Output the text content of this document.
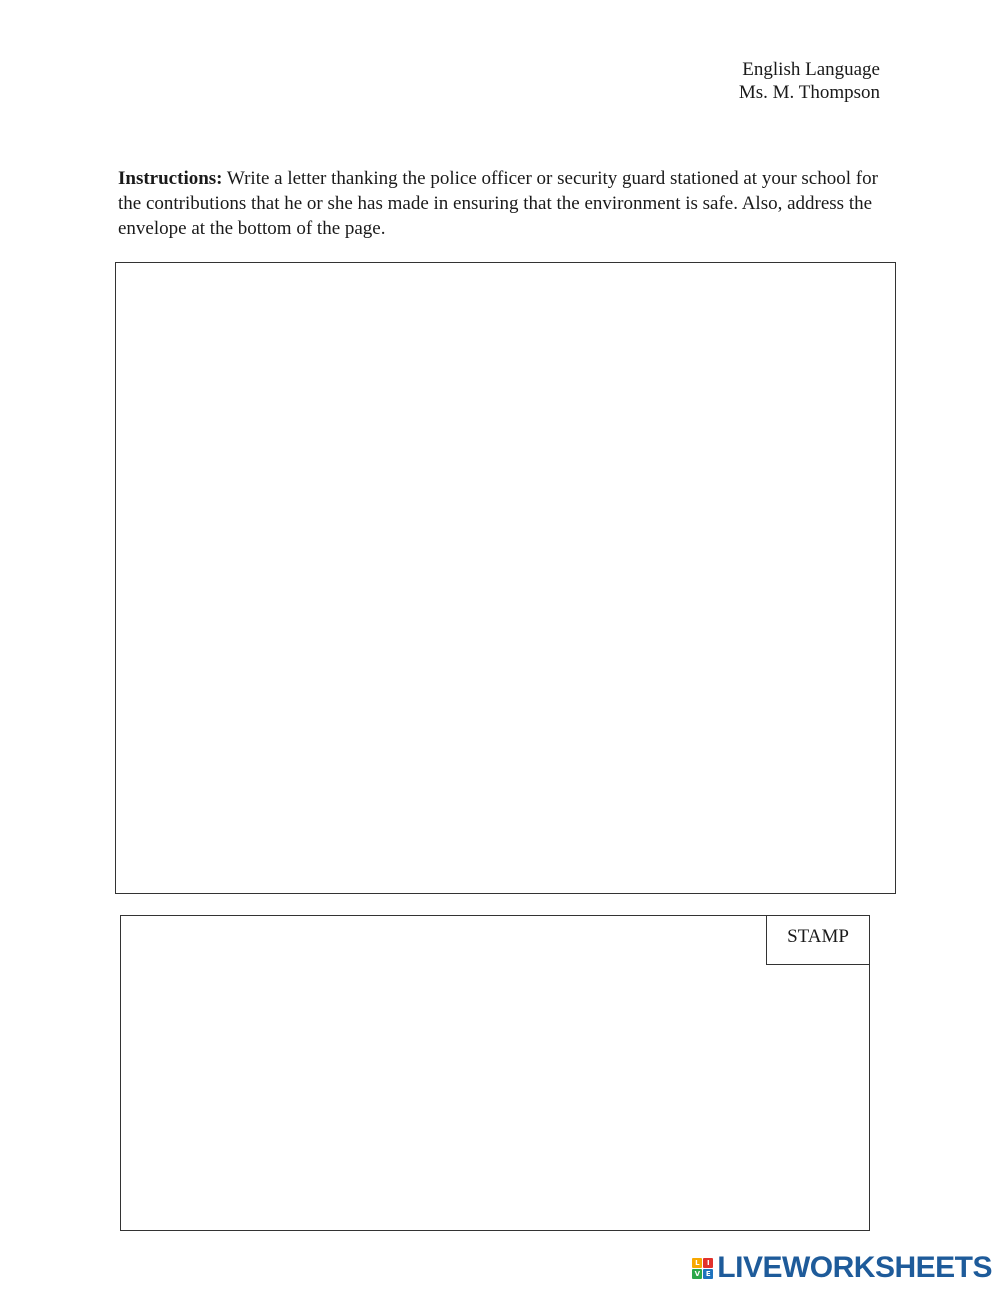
English Language
Ms. M. Thompson
Instructions: Write a letter thanking the police officer or security guard stationed at your school for the contributions that he or she has made in ensuring that the environment is safe. Also, address the envelope at the bottom of the page.
STAMP
L	I
V E LIVEWORKSHEETS
